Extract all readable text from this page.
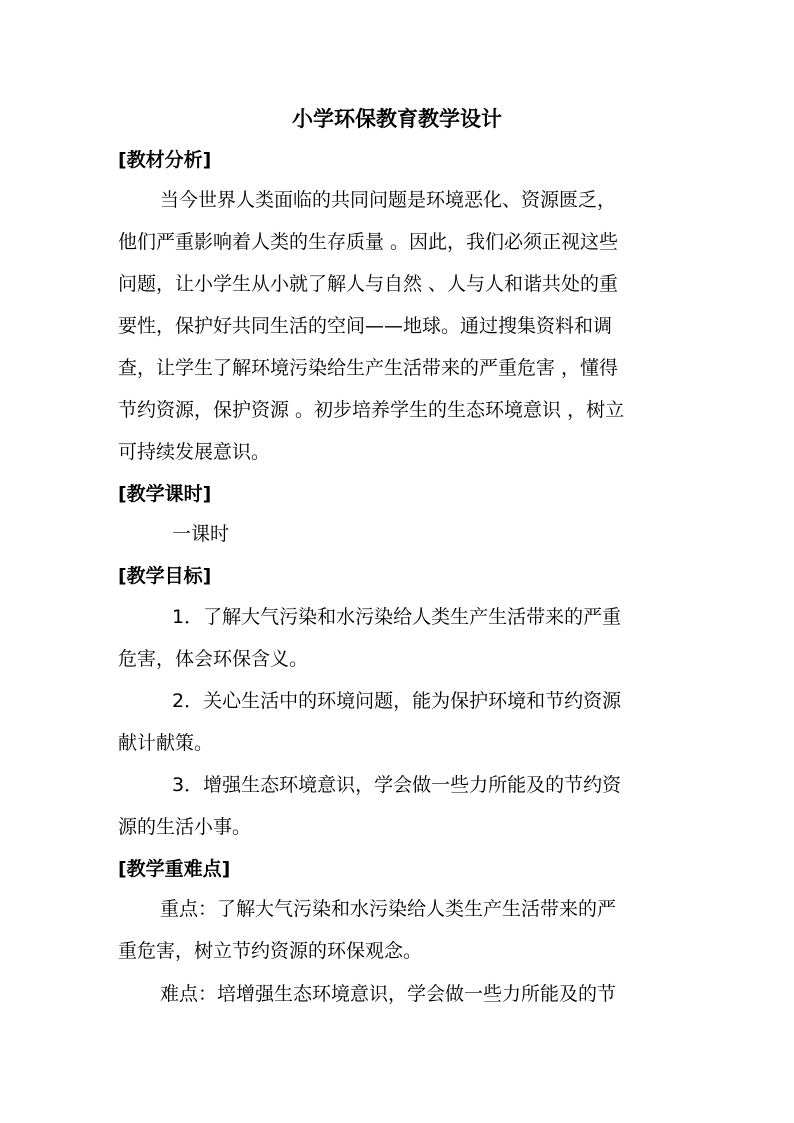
小学环保教育教学设计
[教材分析]
当今世界人类面临的共同问题是环境恶化、资源匮乏，
他们严重影响着人类的生存质量 。因此，我们必须正视这些
问题，让小学生从小就了解人与自然 、人与人和谐共处的重
要性，保护好共同生活的空间——地球。通过搜集资料和调
查，让学生了解环境污染给生产生活带来的严重危害 ，懂得
节约资源，保护资源 。初步培养学生的生态环境意识 ，树立
可持续发展意识。
[教学课时]
一课时
[教学目标]
1．了解大气污染和水污染给人类生产生活带来的严重
危害，体会环保含义。
2．关心生活中的环境问题，能为保护环境和节约资源
献计献策。
3．增强生态环境意识，学会做一些力所能及的节约资
源的生活小事。
[教学重难点]
重点：了解大气污染和水污染给人类生产生活带来的严
重危害，树立节约资源的环保观念。
难点：培增强生态环境意识，学会做一些力所能及的节
